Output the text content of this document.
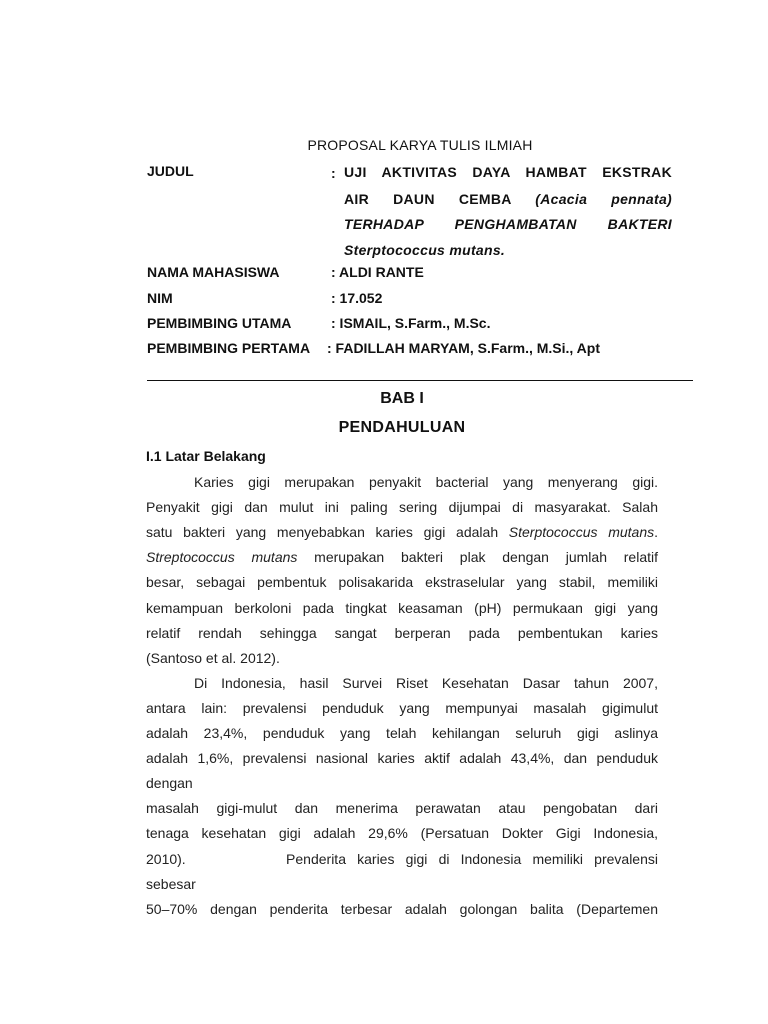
PROPOSAL KARYA TULIS ILMIAH
JUDUL	: UJI AKTIVITAS DAYA HAMBAT EKSTRAK
AIR DAUN CEMBA (Acacia pennata)
TERHADAP PENGHAMBATAN BAKTERI
Sterptococcus mutans.
NAMA MAHASISWA	: ALDI RANTE
NIM	: 17.052
PEMBIMBING UTAMA	: ISMAIL, S.Farm., M.Sc.
PEMBIMBING PERTAMA : FADILLAH MARYAM, S.Farm., M.Si., Apt
BAB I
PENDAHULUAN
I.1 Latar Belakang
Karies gigi merupakan penyakit bacterial yang menyerang gigi.
Penyakit gigi dan mulut ini paling sering dijumpai di masyarakat. Salah
satu bakteri yang menyebabkan karies gigi adalah Sterptococcus mutans.
Streptococcus mutans merupakan bakteri plak dengan jumlah relatif
besar, sebagai pembentuk polisakarida ekstraselular yang stabil, memiliki
kemampuan berkoloni pada tingkat keasaman (pH) permukaan gigi yang
relatif rendah sehingga sangat berperan pada pembentukan karies
(Santoso et al. 2012).
Di Indonesia, hasil Survei Riset Kesehatan Dasar tahun 2007,
antara lain: prevalensi penduduk yang mempunyai masalah gigimulut
adalah 23,4%, penduduk yang telah kehilangan seluruh gigi aslinya
adalah 1,6%, prevalensi nasional karies aktif adalah 43,4%, dan penduduk
dengan
masalah gigi-mulut dan menerima perawatan atau pengobatan dari
tenaga kesehatan gigi adalah 29,6% (Persatuan Dokter Gigi Indonesia,
2010).         Penderita karies gigi di Indonesia memiliki prevalensi
sebesar
50–70% dengan penderita terbesar adalah golongan balita (Departemen
